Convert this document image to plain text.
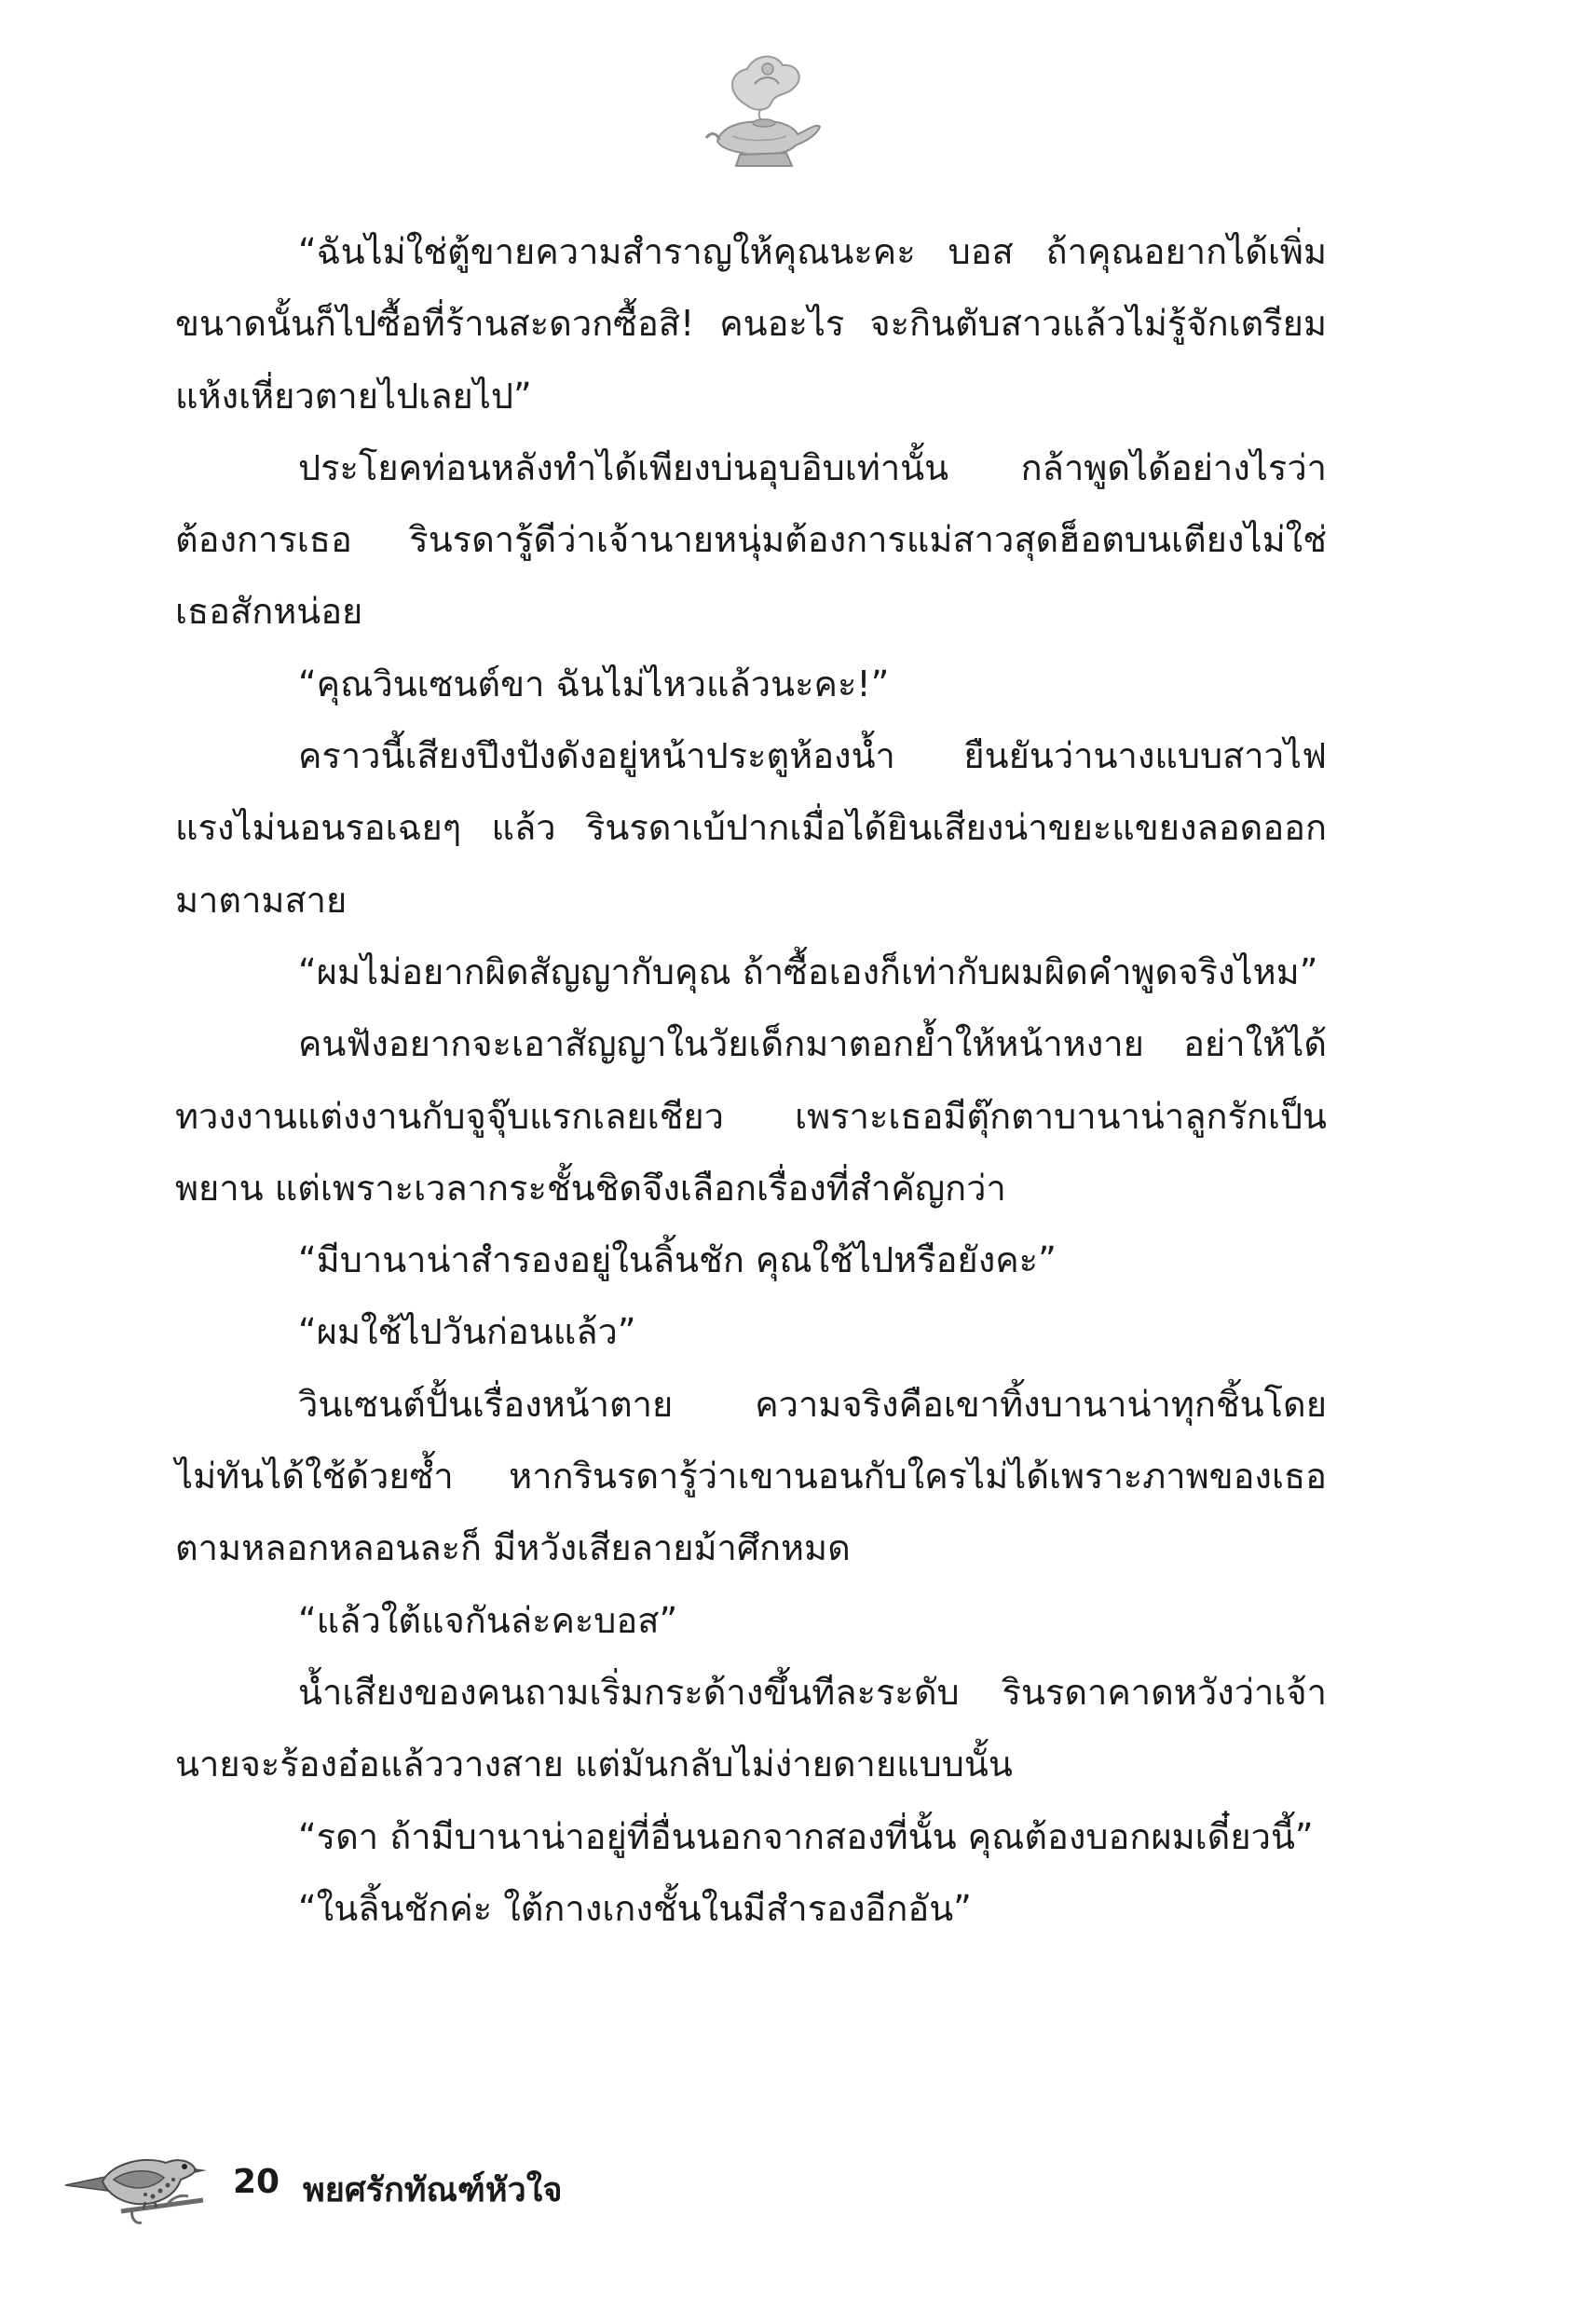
“ฉันไม่ใช่ตู้ขายความสำราญให้คุณนะคะ บอส ถ้าคุณอยากได้เพิ่มขนาดนั้นก็ไปซื้อที่ร้านสะดวกซื้อสิ! คนอะไร จะกินตับสาวแล้วไม่รู้จักเตรียม แห้งเหี่ยวตายไปเลยไป”

ประโยคท่อนหลังทำได้เพียงบ่นอุบอิบเท่านั้น กล้าพูดได้อย่างไรว่าต้องการเธอ รินรดารู้ดีว่าเจ้านายหนุ่มต้องการแม่สาวสุดฮ็อตบนเตียงไม่ใช่เธอสักหน่อย

“คุณวินเซนต์ขา ฉันไม่ไหวแล้วนะคะ!”

คราวนี้เสียงปึงปังดังอยู่หน้าประตูห้องน้ำ ยืนยันว่านางแบบสาวไฟแรงไม่นอนรอเฉยๆ แล้ว รินรดาเบ้ปากเมื่อได้ยินเสียงน่าขยะแขยงลอดออกมาตามสาย

“ผมไม่อยากผิดสัญญากับคุณ ถ้าซื้อเองก็เท่ากับผมผิดคำพูดจริงไหม”

คนฟังอยากจะเอาสัญญาในวัยเด็กมาตอกย้ำให้หน้าหงาย อย่าให้ได้ทวงงานแต่งงานกับจูจุ๊บแรกเลยเชียว เพราะเธอมีตุ๊กตาบานาน่าลูกรักเป็นพยาน แต่เพราะเวลากระชั้นชิดจึงเลือกเรื่องที่สำคัญกว่า

“มีบานาน่าสำรองอยู่ในลิ้นชัก คุณใช้ไปหรือยังคะ”

“ผมใช้ไปวันก่อนแล้ว”

วินเซนต์ปั้นเรื่องหน้าตาย ความจริงคือเขาทิ้งบานาน่าทุกชิ้นโดยไม่ทันได้ใช้ด้วยซ้ำ หากรินรดารู้ว่าเขานอนกับใครไม่ได้เพราะภาพของเธอตามหลอกหลอนละก็ มีหวังเสียลายม้าศึกหมด

“แล้วใต้แจกันล่ะคะบอส”

น้ำเสียงของคนถามเริ่มกระด้างขึ้นทีละระดับ รินรดาคาดหวังว่าเจ้านายจะร้องอ๋อแล้ววางสาย แต่มันกลับไม่ง่ายดายแบบนั้น

“รดา ถ้ามีบานาน่าอยู่ที่อื่นนอกจากสองที่นั้น คุณต้องบอกผมเดี๋ยวนี้”

“ในลิ้นชักค่ะ ใต้กางเกงชั้นในมีสำรองอีกอัน”

20 พยศรักทัณฑ์หัวใจ
